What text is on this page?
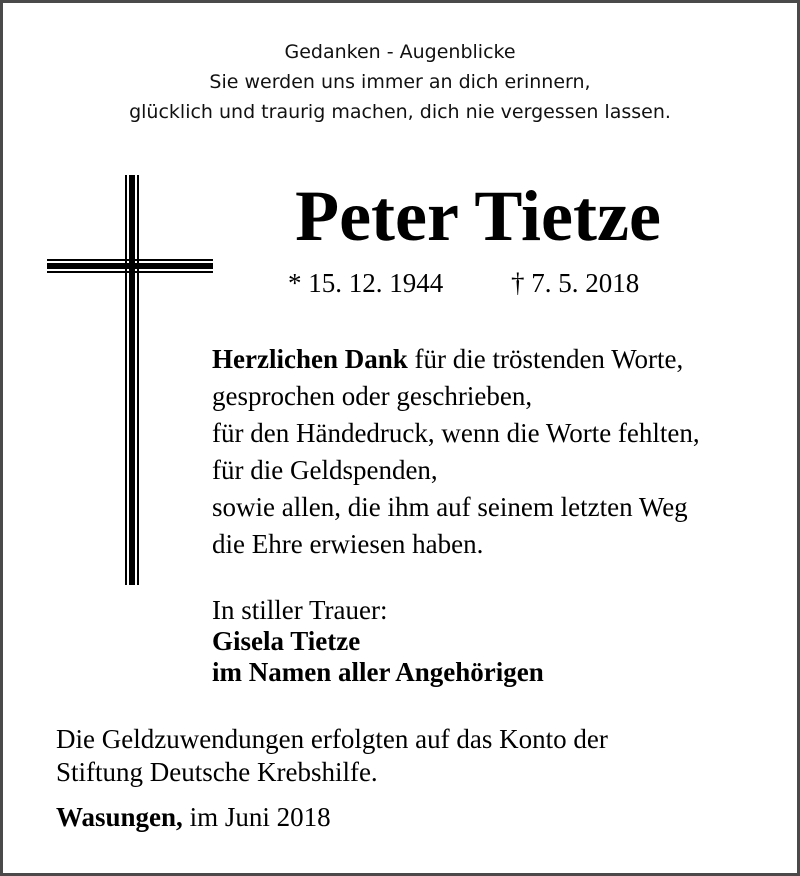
Gedanken - Augenblicke
Sie werden uns immer an dich erinnern,
glücklich und traurig machen, dich nie vergessen lassen.
Peter Tietze
* 15. 12. 1944	† 7. 5. 2018
Herzlichen Dank für die tröstenden Worte,
gesprochen oder geschrieben,
für den Händedruck, wenn die Worte fehlten,
für die Geldspenden,
sowie allen, die ihm auf seinem letzten Weg
die Ehre erwiesen haben.
In stiller Trauer:
Gisela Tietze
im Namen aller Angehörigen
Die Geldzuwendungen erfolgten auf das Konto der
Stiftung Deutsche Krebshilfe.
Wasungen, im Juni 2018
